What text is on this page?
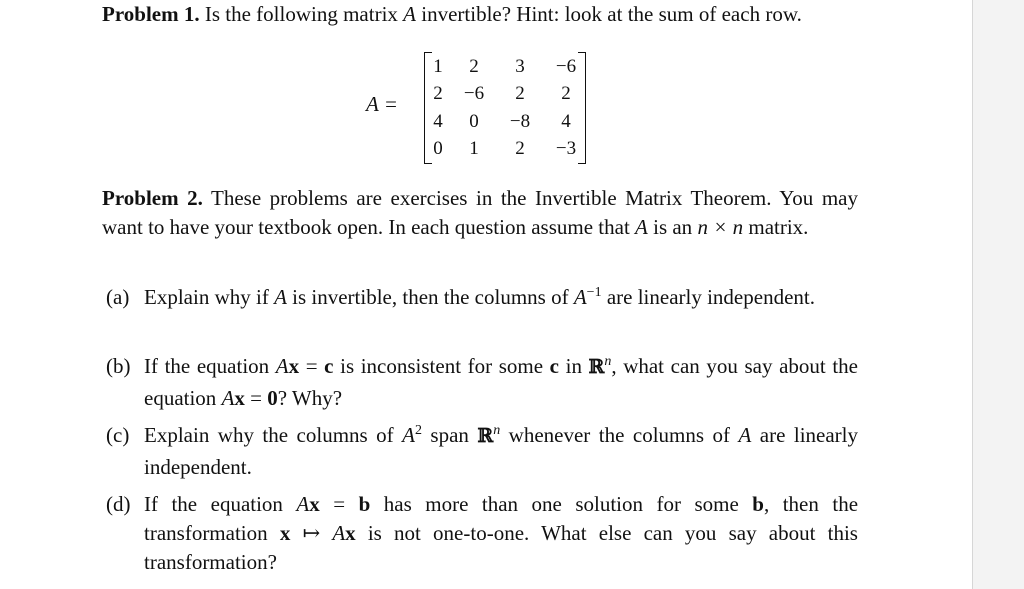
Problem 1. Is the following matrix A invertible? Hint: look at the sum of each row.
A =
1	2	3	−6
2	−6	2	2
4	0	−8	4
0	1	2	−3
Problem 2. These problems are exercises in the Invertible Matrix Theorem. You may want to have your textbook open. In each question assume that A is an n × n matrix.
(a) Explain why if A is invertible, then the columns of $A^{-1}$ are linearly independent.
(b) If the equation Ax = c is inconsistent for some c in ℝ$^n$, what can you say about the equation Ax = 0? Why?
(c) Explain why the columns of $A^2$ span ℝ$^n$ whenever the columns of A are linearly independent.
(d) If the equation Ax = b has more than one solution for some b, then the transformation x ↦ Ax is not one-to-one. What else can you say about this transformation?
